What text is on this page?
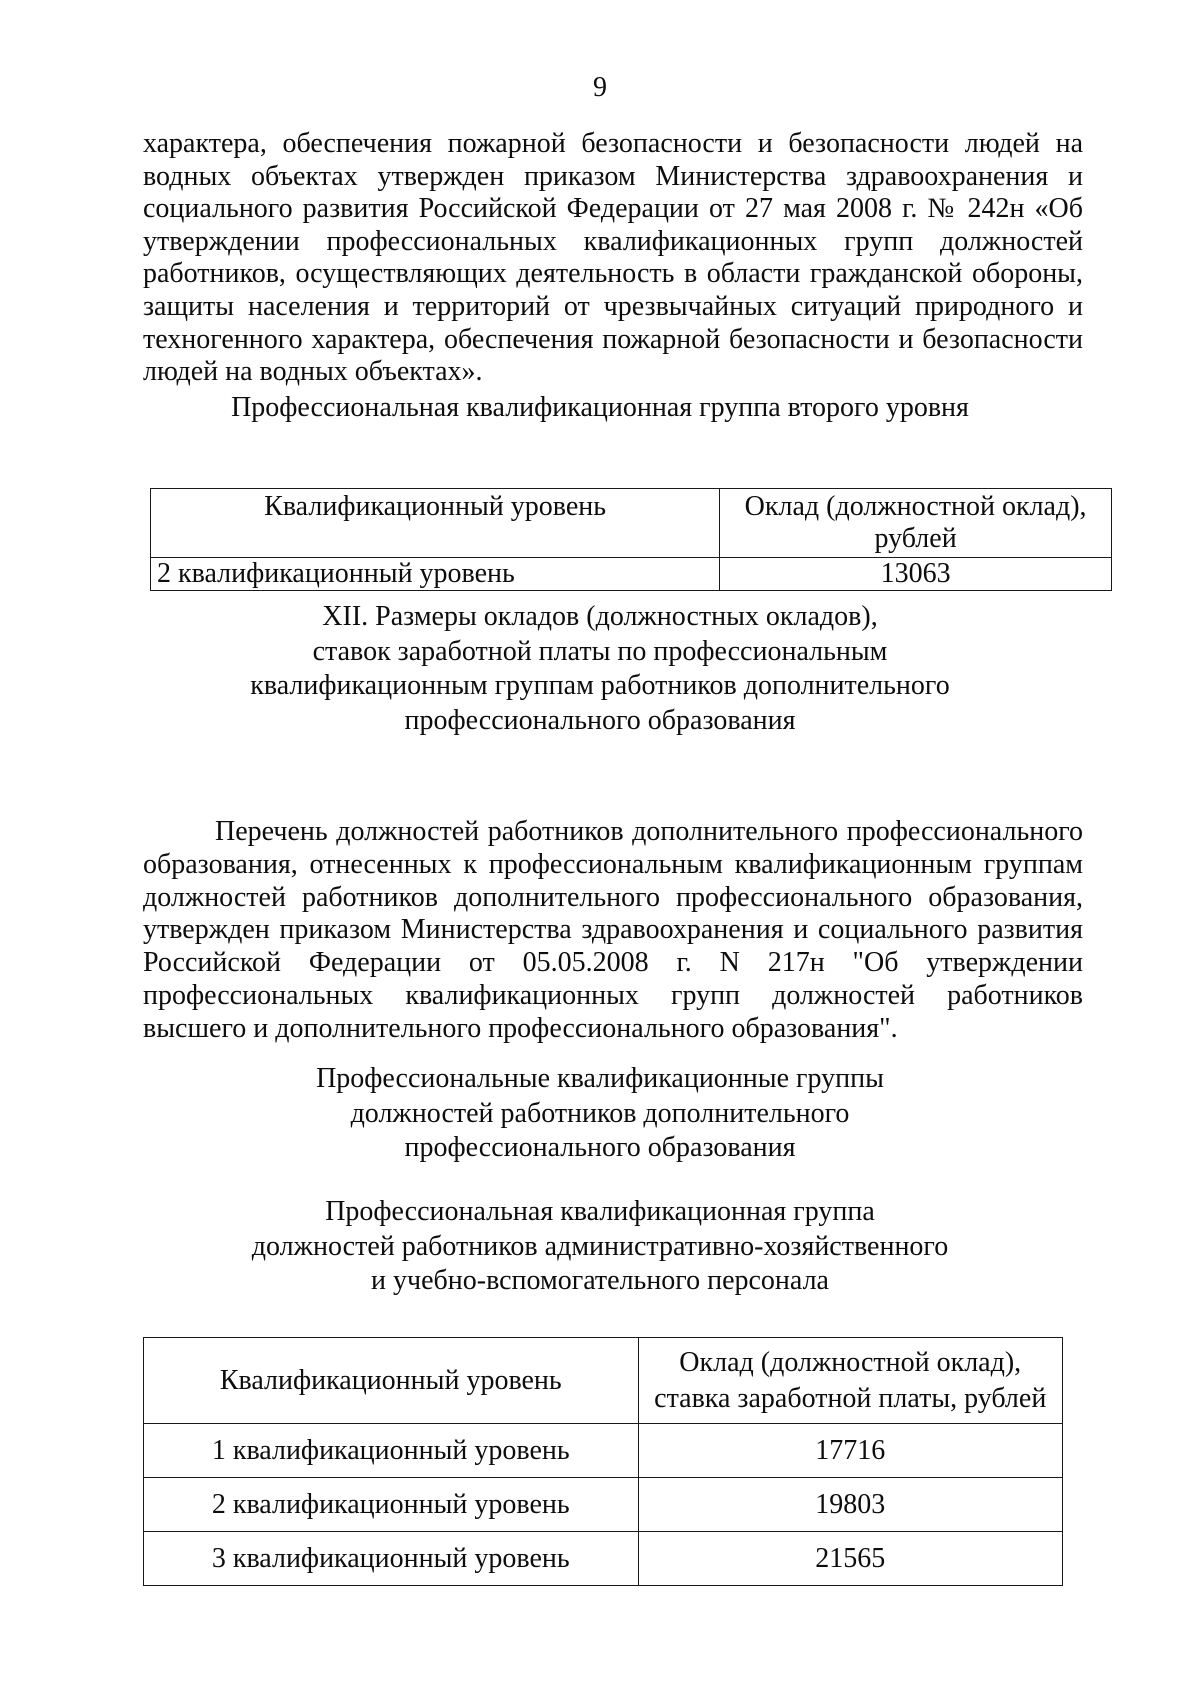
9

характера, обеспечения пожарной безопасности и безопасности людей на водных объектах утвержден приказом Министерства здравоохранения и социального развития Российской Федерации от 27 мая 2008 г. № 242н «Об утверждении профессиональных квалификационных групп должностей работников, осуществляющих деятельность в области гражданской обороны, защиты населения и территорий от чрезвычайных ситуаций природного и техногенного характера, обеспечения пожарной безопасности и безопасности людей на водных объектах».

Профессиональная квалификационная группа второго уровня
Квалификационный уровень	Оклад (должностной оклад), рублей
2 квалификационный уровень	13063
XII. Размеры окладов (должностных окладов),
ставок заработной платы по профессиональным
квалификационным группам работников дополнительного
профессионального образования

Перечень должностей работников дополнительного профессионального образования, отнесенных к профессиональным квалификационным группам должностей работников дополнительного профессионального образования, утвержден приказом Министерства здравоохранения и социального развития Российской Федерации от 05.05.2008 г. N 217н "Об утверждении профессиональных квалификационных групп должностей работников высшего и дополнительного профессионального образования".

Профессиональные квалификационные группы
должностей работников дополнительного
профессионального образования
Профессиональная квалификационная группа
должностей работников административно-хозяйственного
и учебно-вспомогательного персонала
Квалификационный уровень	Оклад (должностной оклад),
ставка заработной платы, рублей

1 квалификационный уровень	17716
2 квалификационный уровень	19803
3 квалификационный уровень	21565
